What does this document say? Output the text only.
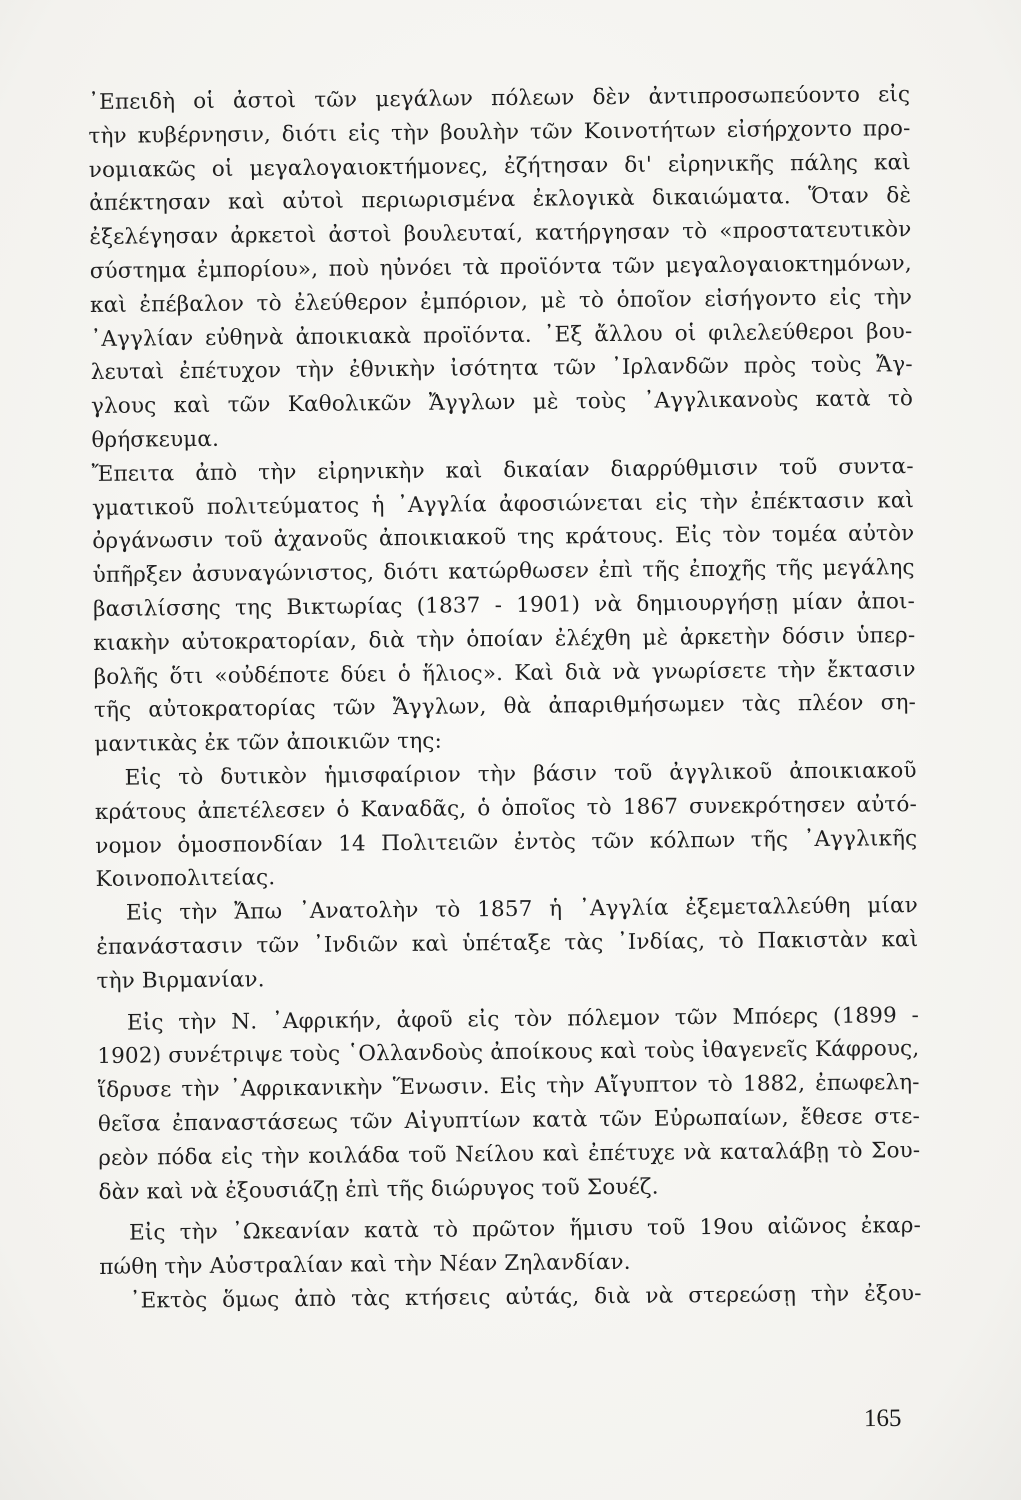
᾿Επειδὴ οἱ ἀστοὶ τῶν μεγάλων πόλεων δὲν ἀντιπροσωπεύοντο εἰς
τὴν κυβέρνησιν, διότι εἰς τὴν βουλὴν τῶν Κοινοτήτων εἰσήρχοντο προ-
νομιακῶς οἱ μεγαλογαιοκτήμονες, ἐζήτησαν δι' εἰρηνικῆς πάλης καὶ
ἀπέκτησαν καὶ αὐτοὶ περιωρισμένα ἐκλογικὰ δικαιώματα. Ὅταν δὲ
ἐξελέγησαν ἀρκετοὶ ἀστοὶ βουλευταί, κατήργησαν τὸ «προστατευτικὸν
σύστημα ἐμπορίου», ποὺ ηὐνόει τὰ προϊόντα τῶν μεγαλογαιοκτημόνων,
καὶ ἐπέβαλον τὸ ἐλεύθερον ἐμπόριον, μὲ τὸ ὁποῖον εἰσήγοντο εἰς τὴν
᾿Αγγλίαν εὐθηνὰ ἀποικιακὰ προϊόντα. ᾿Εξ ἄλλου οἱ φιλελεύθεροι βου-
λευταὶ ἐπέτυχον τὴν ἐθνικὴν ἰσότητα τῶν ᾿Ιρλανδῶν πρὸς τοὺς Ἄγ-
γλους καὶ τῶν Καθολικῶν Ἄγγλων μὲ τοὺς ᾿Αγγλικανοὺς κατὰ τὸ
θρήσκευμα.
Ἔπειτα ἀπὸ τὴν εἰρηνικὴν καὶ δικαίαν διαρρύθμισιν τοῦ συντα-
γματικοῦ πολιτεύματος ἡ ᾿Αγγλία ἀφοσιώνεται εἰς τὴν ἐπέκτασιν καὶ
ὀργάνωσιν τοῦ ἀχανοῦς ἀποικιακοῦ της κράτους. Εἰς τὸν τομέα αὐτὸν
ὑπῆρξεν ἀσυναγώνιστος, διότι κατώρθωσεν ἐπὶ τῆς ἐποχῆς τῆς μεγάλης
βασιλίσσης της Βικτωρίας (1837 - 1901) νὰ δημιουργήσῃ μίαν ἀποι-
κιακὴν αὐτοκρατορίαν, διὰ τὴν ὁποίαν ἐλέχθη μὲ ἀρκετὴν δόσιν ὑπερ-
βολῆς ὅτι «οὐδέποτε δύει ὁ ἥλιος». Καὶ διὰ νὰ γνωρίσετε τὴν ἔκτασιν
τῆς αὐτοκρατορίας τῶν Ἄγγλων, θὰ ἀπαριθμήσωμεν τὰς πλέον ση-
μαντικὰς ἐκ τῶν ἀποικιῶν της:
Εἰς τὸ δυτικὸν ἡμισφαίριον τὴν βάσιν τοῦ ἀγγλικοῦ ἀποικιακοῦ
κράτους ἀπετέλεσεν ὁ Καναδᾶς, ὁ ὁποῖος τὸ 1867 συνεκρότησεν αὐτό-
νομον ὁμοσπονδίαν 14 Πολιτειῶν ἐντὸς τῶν κόλπων τῆς ᾿Αγγλικῆς
Κοινοπολιτείας.
Εἰς τὴν Ἄπω ᾿Ανατολὴν τὸ 1857 ἡ ᾿Αγγλία ἐξεμεταλλεύθη μίαν
ἐπανάστασιν τῶν ᾿Ινδιῶν καὶ ὑπέταξε τὰς ᾿Ινδίας, τὸ Πακιστὰν καὶ
τὴν Βιρμανίαν.
Εἰς τὴν Ν. ᾿Αφρικήν, ἀφοῦ εἰς τὸν πόλεμον τῶν Μπόερς (1899 -
1902) συνέτριψε τοὺς ῾Ολλανδοὺς ἀποίκους καὶ τοὺς ἰθαγενεῖς Κάφρους,
ἵδρυσε τὴν ᾿Αφρικανικὴν Ἕνωσιν. Εἰς τὴν Αἴγυπτον τὸ 1882, ἐπωφελη-
θεῖσα ἐπαναστάσεως τῶν Αἰγυπτίων κατὰ τῶν Εὐρωπαίων, ἔθεσε στε-
ρεὸν πόδα εἰς τὴν κοιλάδα τοῦ Νείλου καὶ ἐπέτυχε νὰ καταλάβῃ τὸ Σου-
δὰν καὶ νὰ ἐξουσιάζῃ ἐπὶ τῆς διώρυγος τοῦ Σουέζ.
Εἰς τὴν ᾿Ωκεανίαν κατὰ τὸ πρῶτον ἥμισυ τοῦ 19ου αἰῶνος ἐκαρ-
πώθη τὴν Αὐστραλίαν καὶ τὴν Νέαν Ζηλανδίαν.
᾿Εκτὸς ὅμως ἀπὸ τὰς κτήσεις αὐτάς, διὰ νὰ στερεώσῃ τὴν ἐξου-
165
